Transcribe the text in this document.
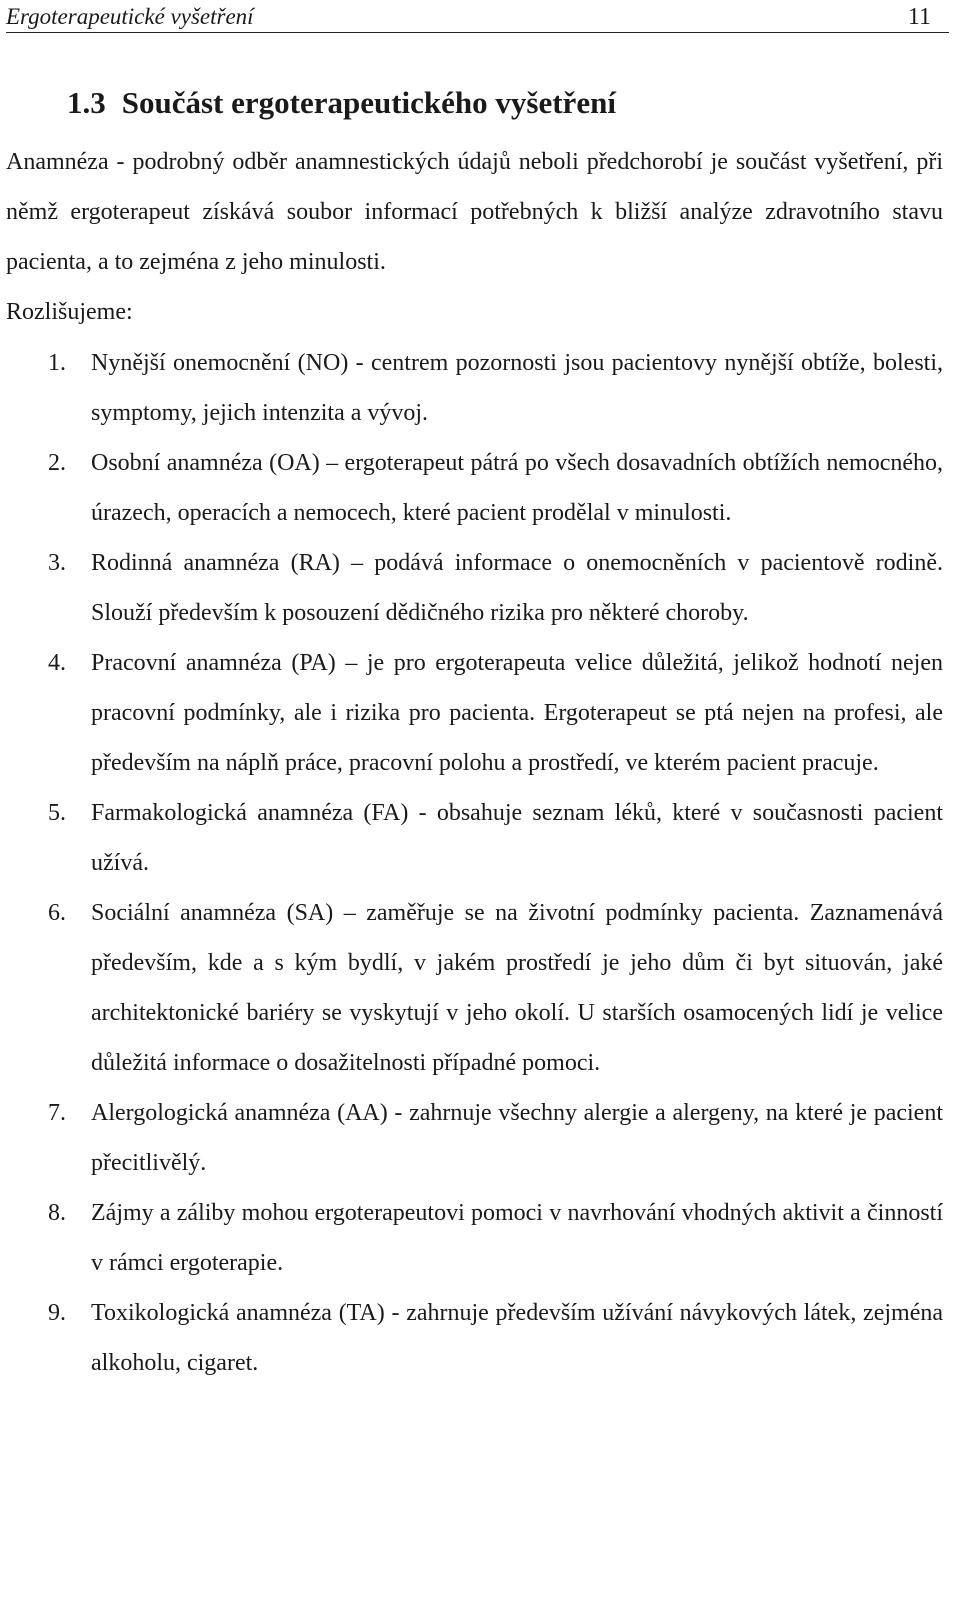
Ergoterapeutické vyšetření	11
1.3 Součást ergoterapeutického vyšetření

Anamnéza - podrobný odběr anamnestických údajů neboli předchorobí je součást vyšetření, při němž ergoterapeut získává soubor informací potřebných k bližší analýze zdravotního stavu pacienta, a to zejména z jeho minulosti.

Rozlišujeme:

1. Nynější onemocnění (NO) - centrem pozornosti jsou pacientovy nynější obtíže, bolesti, symptomy, jejich intenzita a vývoj.
2. Osobní anamnéza (OA) – ergoterapeut pátrá po všech dosavadních obtížích nemocného, úrazech, operacích a nemocech, které pacient prodělal v minulosti.
3. Rodinná anamnéza (RA) – podává informace o onemocněních v pacientově rodině. Slouží především k posouzení dědičného rizika pro některé choroby.
4. Pracovní anamnéza (PA) – je pro ergoterapeuta velice důležitá, jelikož hodnotí nejen pracovní podmínky, ale i rizika pro pacienta. Ergoterapeut se ptá nejen na profesi, ale především na náplň práce, pracovní polohu a prostředí, ve kterém pacient pracuje.
5. Farmakologická anamnéza (FA) - obsahuje seznam léků, které v současnosti pacient užívá.
6. Sociální anamnéza (SA) – zaměřuje se na životní podmínky pacienta. Zaznamenává především, kde a s kým bydlí, v jakém prostředí je jeho dům či byt situován, jaké architektonické bariéry se vyskytují v jeho okolí. U starších osamocených lidí je velice důležitá informace o dosažitelnosti případné pomoci.
7. Alergologická anamnéza (AA) - zahrnuje všechny alergie a alergeny, na které je pacient přecitlivělý.
8. Zájmy a záliby mohou ergoterapeutovi pomoci v navrhování vhodných aktivit a činností v rámci ergoterapie.
9. Toxikologická anamnéza (TA) - zahrnuje především užívání návykových látek, zejména alkoholu, cigaret.
